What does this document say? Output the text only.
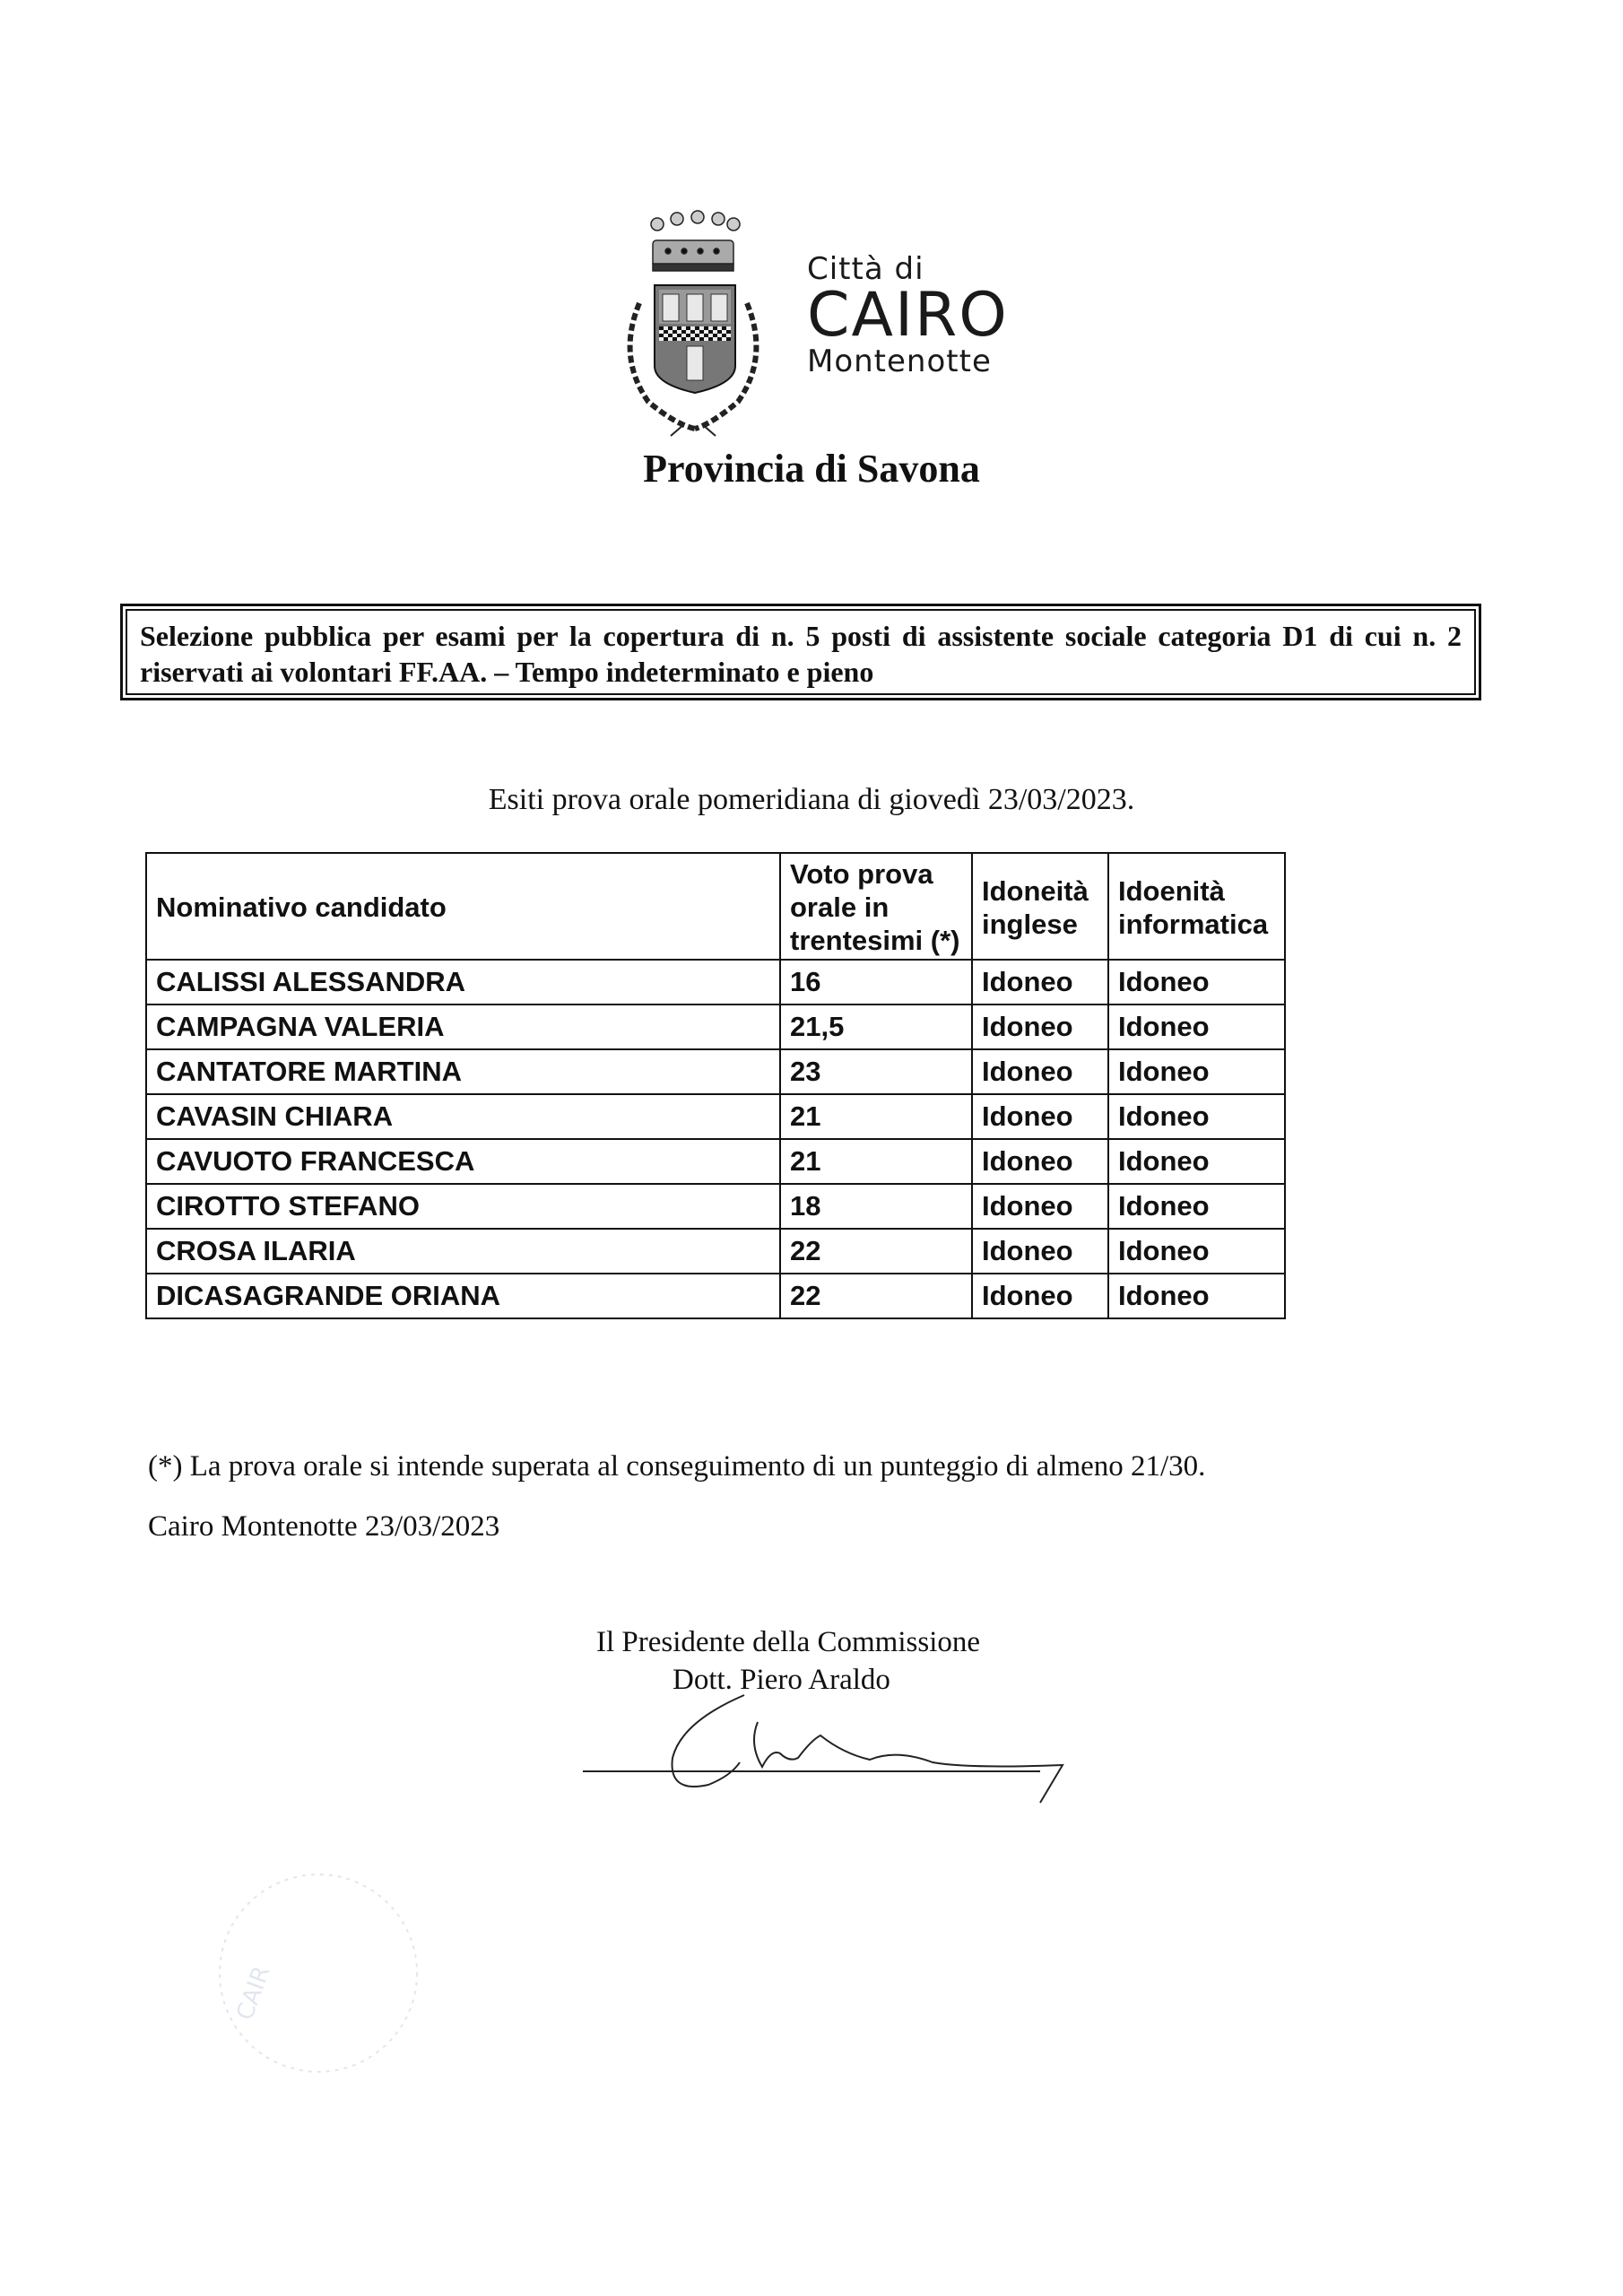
Città di
CAIRO
Montenotte
Provincia di Savona
Selezione pubblica per esami per la copertura di n. 5 posti di assistente sociale categoria D1 di cui n. 2 riservati ai volontari FF.AA. – Tempo indeterminato e pieno
Esiti prova orale pomeridiana di giovedì 23/03/2023.
Nominativo candidato	Voto prova orale in trentesimi (*)	Idoneità inglese	Idoenità informatica
CALISSI ALESSANDRA	16	Idoneo	Idoneo
CAMPAGNA VALERIA	21,5	Idoneo	Idoneo
CANTATORE MARTINA	23	Idoneo	Idoneo
CAVASIN CHIARA	21	Idoneo	Idoneo
CAVUOTO FRANCESCA	21	Idoneo	Idoneo
CIROTTO STEFANO	18	Idoneo	Idoneo
CROSA ILARIA	22	Idoneo	Idoneo
DICASAGRANDE ORIANA	22	Idoneo	Idoneo
(*) La prova orale si intende superata al conseguimento di un punteggio di almeno 21/30.
Cairo Montenotte 23/03/2023
Il Presidente della Commissione
Dott. Piero Araldo
CAIR
